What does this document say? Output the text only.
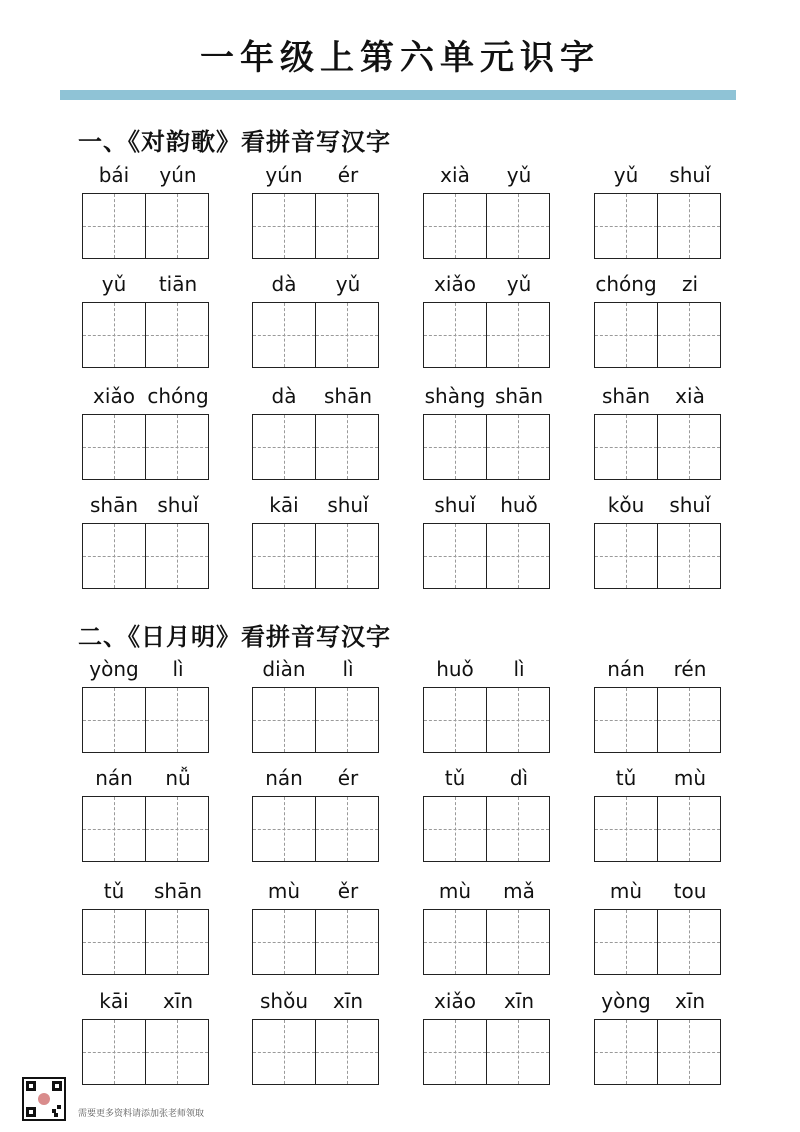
一年级上第六单元识字
一、《对韵歌》看拼音写汉字
bái	yún	yún	ér	xià	yǔ	yǔ	shuǐ
yǔ	tiān	dà	yǔ	xiǎo	yǔ	chóng	zi
xiǎo chóng	dà	shān	shàng shān	shān	xià
shān shuǐ	kāi	shuǐ	shuǐ	huǒ	kǒu	shuǐ
二、《日月明》看拼音写汉字
yòng	lì	diàn	lì	huǒ	lì	nán	rén
nán	nǚ	nán	ér	tǔ	dì	tǔ	mù
tǔ	shān	mù	ěr	mù	mǎ	mù	tou
kāi	xīn	shǒu	xīn	xiǎo	xīn	yòng	xīn
需要更多资料请添加张老师领取
